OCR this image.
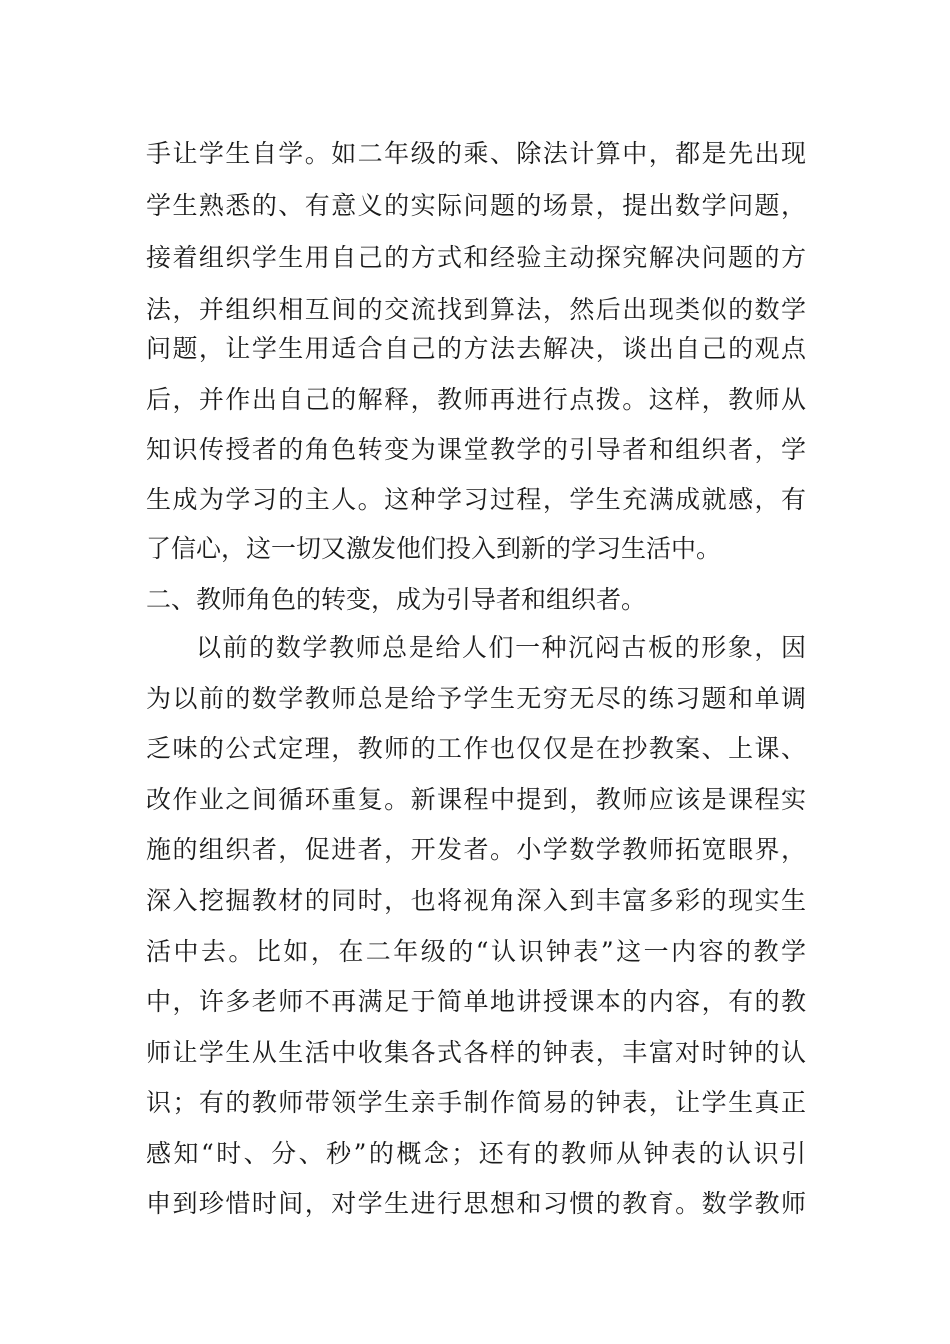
手让学生自学。如二年级的乘、除法计算中，都是先出现
学生熟悉的、有意义的实际问题的场景，提出数学问题，
接着组织学生用自己的方式和经验主动探究解决问题的方
法，并组织相互间的交流找到算法，然后出现类似的数学
问题，让学生用适合自己的方法去解决，谈出自己的观点
后，并作出自己的解释，教师再进行点拨。这样，教师从
知识传授者的角色转变为课堂教学的引导者和组织者，学
生成为学习的主人。这种学习过程，学生充满成就感，有
了信心，这一切又激发他们投入到新的学习生活中。
二、教师角色的转变，成为引导者和组织者。
以前的数学教师总是给人们一种沉闷古板的形象，因
为以前的数学教师总是给予学生无穷无尽的练习题和单调
乏味的公式定理，教师的工作也仅仅是在抄教案、上课、
改作业之间循环重复。新课程中提到，教师应该是课程实
施的组织者，促进者，开发者。小学数学教师拓宽眼界，
深入挖掘教材的同时，也将视角深入到丰富多彩的现实生
活中去。比如，在二年级的“认识钟表”这一内容的教学
中，许多老师不再满足于简单地讲授课本的内容，有的教
师让学生从生活中收集各式各样的钟表，丰富对时钟的认
识；有的教师带领学生亲手制作简易的钟表，让学生真正
感知“时、分、秒”的概念；还有的教师从钟表的认识引
申到珍惜时间，对学生进行思想和习惯的教育。数学教师
